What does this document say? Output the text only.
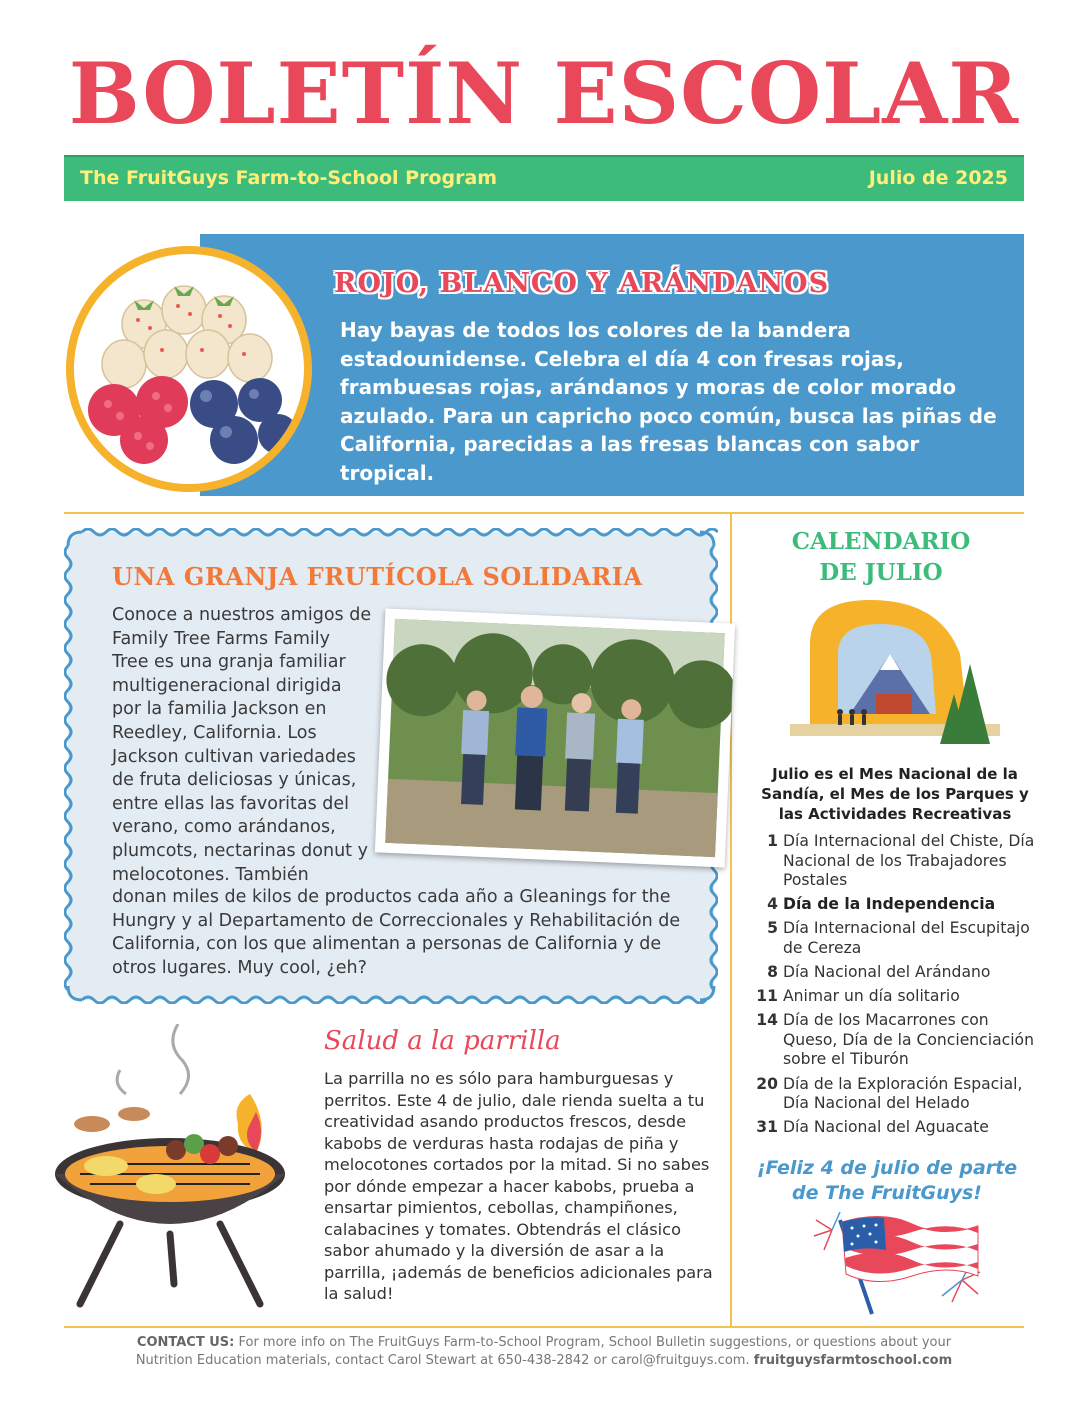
BOLETÍN ESCOLAR
The FruitGuys Farm-to-School Program	Julio de 2025
ROJO, BLANCO Y ARÁNDANOS
Hay bayas de todos los colores de la bandera estadounidense. Celebra el día 4 con fresas rojas, frambuesas rojas, arándanos y moras de color morado azulado. Para un capricho poco común, busca las piñas de California, parecidas a las fresas blancas con sabor tropical.
UNA GRANJA FRUTÍCOLA SOLIDARIA
Conoce a nuestros amigos de Family Tree Farms Family Tree es una granja familiar multigeneracional dirigida por la familia Jackson en Reedley, California. Los Jackson cultivan variedades de fruta deliciosas y únicas, entre ellas las favoritas del verano, como arándanos, plumcots, nectarinas donut y melocotones. También
donan miles de kilos de productos cada año a Gleanings for the Hungry y al Departamento de Correccionales y Rehabilitación de California, con los que alimentan a personas de California y de otros lugares. Muy cool, ¿eh?
Salud a la parrilla
La parrilla no es sólo para hamburguesas y perritos. Este 4 de julio, dale rienda suelta a tu creatividad asando productos frescos, desde kabobs de verduras hasta rodajas de piña y melocotones cortados por la mitad. Si no sabes por dónde empezar a hacer kabobs, prueba a ensartar pimientos, cebollas, champiñones, calabacines y tomates. Obtendrás el clásico sabor ahumado y la diversión de asar a la parrilla, ¡además de beneficios adicionales para la salud!
CALENDARIO
DE JULIO
Julio es el Mes Nacional de la Sandía, el Mes de los Parques y las Actividades Recreativas
1 Día Internacional del Chiste, Día Nacional de los Trabajadores Postales
4 Día de la Independencia
5 Día Internacional del Escupitajo de Cereza
8 Día Nacional del Arándano
11 Animar un día solitario
14 Día de los Macarrones con Queso, Día de la Concienciación sobre el Tiburón
20 Día de la Exploración Espacial, Día Nacional del Helado
31 Día Nacional del Aguacate
¡Feliz 4 de julio de parte
de The FruitGuys!
CONTACT US: For more info on The FruitGuys Farm-to-School Program, School Bulletin suggestions, or questions about your
Nutrition Education materials, contact Carol Stewart at 650-438-2842 or carol@fruitguys.com. fruitguysfarmtoschool.com
